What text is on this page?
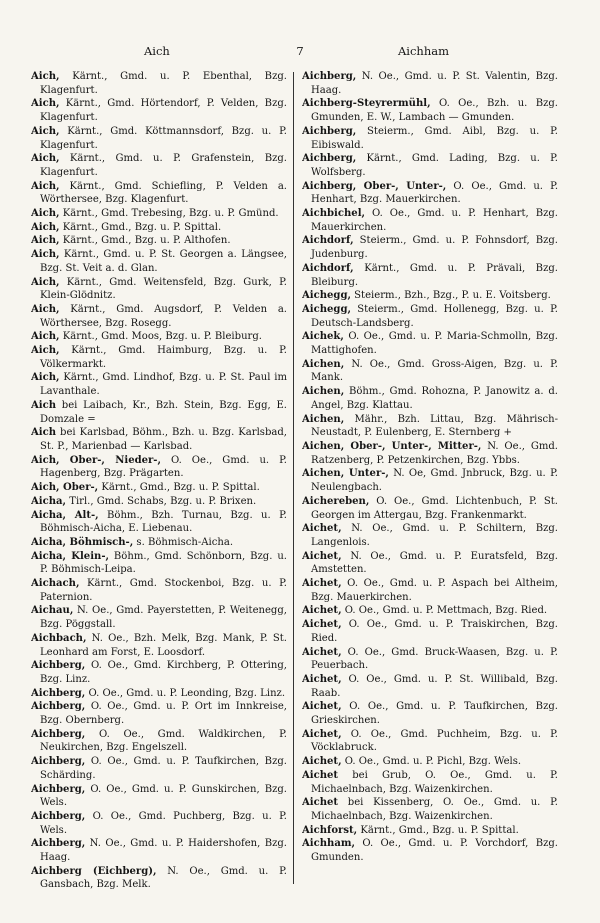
7
Aich	Aichham
Aich, Kärnt., Gmd. u. P. Ebenthal, Bzg. Klagenfurt.
Aich, Kärnt., Gmd. Hörtendorf, P. Velden, Bzg. Klagenfurt.
Aich, Kärnt., Gmd. Köttmannsdorf, Bzg. u. P. Klagenfurt.
Aich, Kärnt., Gmd. u. P. Grafenstein, Bzg. Klagenfurt.
Aich, Kärnt., Gmd. Schiefling, P. Velden a. Wörthersee, Bzg. Klagenfurt.
Aich, Kärnt., Gmd. Trebesing, Bzg. u. P. Gmünd.
Aich, Kärnt., Gmd., Bzg. u. P. Spittal.
Aich, Kärnt., Gmd., Bzg. u. P. Althofen.
Aich, Kärnt., Gmd. u. P. St. Georgen a. Längsee, Bzg. St. Veit a. d. Glan.
Aich, Kärnt., Gmd. Weitensfeld, Bzg. Gurk, P. Klein-Glödnitz.
Aich, Kärnt., Gmd. Augsdorf, P. Velden a. Wörthersee, Bzg. Rosegg.
Aich, Kärnt., Gmd. Moos, Bzg. u. P. Bleiburg.
Aich, Kärnt., Gmd. Haimburg, Bzg. u. P. Völkermarkt.
Aich, Kärnt., Gmd. Lindhof, Bzg. u. P. St. Paul im Lavanthale.
Aich bei Laibach, Kr., Bzh. Stein, Bzg. Egg, E. Domzale =
Aich bei Karlsbad, Böhm., Bzh. u. Bzg. Karlsbad, St. P., Marienbad — Karlsbad.
Aich, Ober-, Nieder-, O. Oe., Gmd. u. P. Hagenberg, Bzg. Prägarten.
Aich, Ober-, Kärnt., Gmd., Bzg. u. P. Spittal.
Aicha, Tirl., Gmd. Schabs, Bzg. u. P. Brixen.
Aicha, Alt-, Böhm., Bzh. Turnau, Bzg. u. P. Böhmisch-Aicha, E. Liebenau.
Aicha, Böhmisch-, s. Böhmisch-Aicha.
Aicha, Klein-, Böhm., Gmd. Schönborn, Bzg. u. P. Böhmisch-Leipa.
Aichach, Kärnt., Gmd. Stockenboi, Bzg. u. P. Paternion.
Aichau, N. Oe., Gmd. Payerstetten, P. Weitenegg, Bzg. Pöggstall.
Aichbach, N. Oe., Bzh. Melk, Bzg. Mank, P. St. Leonhard am Forst, E. Loosdorf.
Aichberg, O. Oe., Gmd. Kirchberg, P. Ottering, Bzg. Linz.
Aichberg, O. Oe., Gmd. u. P. Leonding, Bzg. Linz.
Aichberg, O. Oe., Gmd. u. P. Ort im Innkreise, Bzg. Obernberg.
Aichberg, O. Oe., Gmd. Waldkirchen, P. Neukirchen, Bzg. Engelszell.
Aichberg, O. Oe., Gmd. u. P. Taufkirchen, Bzg. Schärding.
Aichberg, O. Oe., Gmd. u. P. Gunskirchen, Bzg. Wels.
Aichberg, O. Oe., Gmd. Puchberg, Bzg. u. P. Wels.
Aichberg, N. Oe., Gmd. u. P. Haidershofen, Bzg. Haag.
Aichberg (Eichberg), N. Oe., Gmd. u. P. Gansbach, Bzg. Melk.
Aichberg, N. Oe., Gmd. u. P. St. Valentin, Bzg. Haag.
Aichberg-Steyrermühl, O. Oe., Bzh. u. Bzg. Gmunden, E. W., Lambach — Gmunden.
Aichberg, Steierm., Gmd. Aibl, Bzg. u. P. Eibiswald.
Aichberg, Kärnt., Gmd. Lading, Bzg. u. P. Wolfsberg.
Aichberg, Ober-, Unter-, O. Oe., Gmd. u. P. Henhart, Bzg. Mauerkirchen.
Aichbichel, O. Oe., Gmd. u. P. Henhart, Bzg. Mauerkirchen.
Aichdorf, Steierm., Gmd. u. P. Fohnsdorf, Bzg. Judenburg.
Aichdorf, Kärnt., Gmd. u. P. Prävali, Bzg. Bleiburg.
Aichegg, Steierm., Bzh., Bzg., P. u. E. Voitsberg.
Aichegg, Steierm., Gmd. Hollenegg, Bzg. u. P. Deutsch-Landsberg.
Aichek, O. Oe., Gmd. u. P. Maria-Schmolln, Bzg. Mattighofen.
Aichen, N. Oe., Gmd. Gross-Aigen, Bzg. u. P. Mank.
Aichen, Böhm., Gmd. Rohozna, P. Janowitz a. d. Angel, Bzg. Klattau.
Aichen, Mähr., Bzh. Littau, Bzg. Mährisch-Neustadt, P. Eulenberg, E. Sternberg +
Aichen, Ober-, Unter-, Mitter-, N. Oe., Gmd. Ratzenberg, P. Petzenkirchen, Bzg. Ybbs.
Aichen, Unter-, N. Oe, Gmd. Jnbruck, Bzg. u. P. Neulengbach.
Aichereben, O. Oe., Gmd. Lichtenbuch, P. St. Georgen im Attergau, Bzg. Frankenmarkt.
Aichet, N. Oe., Gmd. u. P. Schiltern, Bzg. Langenlois.
Aichet, N. Oe., Gmd. u. P. Euratsfeld, Bzg. Amstetten.
Aichet, O. Oe., Gmd. u. P. Aspach bei Altheim, Bzg. Mauerkirchen.
Aichet, O. Oe., Gmd. u. P. Mettmach, Bzg. Ried.
Aichet, O. Oe., Gmd. u. P. Traiskirchen, Bzg. Ried.
Aichet, O. Oe., Gmd. Bruck-Waasen, Bzg. u. P. Peuerbach.
Aichet, O. Oe., Gmd. u. P. St. Willibald, Bzg. Raab.
Aichet, O. Oe., Gmd. u. P. Taufkirchen, Bzg. Grieskirchen.
Aichet, O. Oe., Gmd. Puchheim, Bzg. u. P. Vöcklabruck.
Aichet, O. Oe., Gmd. u. P. Pichl, Bzg. Wels.
Aichet bei Grub, O. Oe., Gmd. u. P. Michaelnbach, Bzg. Waizenkirchen.
Aichet bei Kissenberg, O. Oe., Gmd. u. P. Michaelnbach, Bzg. Waizenkirchen.
Aichforst, Kärnt., Gmd., Bzg. u. P. Spittal.
Aichham, O. Oe., Gmd. u. P. Vorchdorf, Bzg. Gmunden.
